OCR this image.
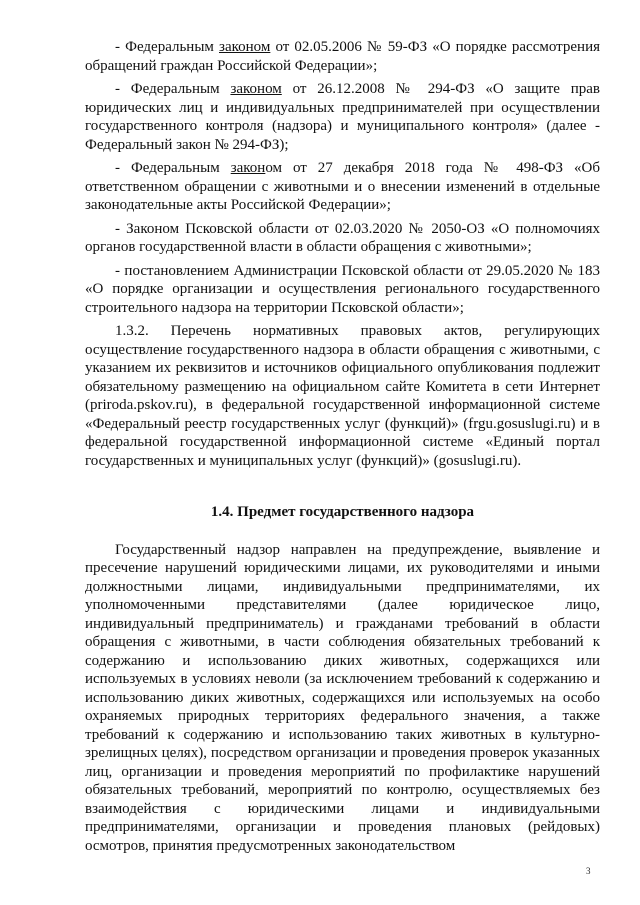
- Федеральным законом от 02.05.2006 № 59-ФЗ «О порядке рассмотрения обращений граждан Российской Федерации»;

- Федеральным законом от 26.12.2008 № 294-ФЗ «О защите прав юридических лиц и индивидуальных предпринимателей при осуществлении государственного контроля (надзора) и муниципального контроля» (далее - Федеральный закон № 294-ФЗ);

- Федеральным законом от 27 декабря 2018 года № 498-ФЗ «Об ответственном обращении с животными и о внесении изменений в отдельные законодательные акты Российской Федерации»;

- Законом Псковской области от 02.03.2020 № 2050-ОЗ «О полномочиях органов государственной власти в области обращения с животными»;

- постановлением Администрации Псковской области от 29.05.2020 № 183 «О порядке организации и осуществления регионального государственного строительного надзора на территории Псковской области»;

1.3.2. Перечень нормативных правовых актов, регулирующих осуществление государственного надзора в области обращения с животными, с указанием их реквизитов и источников официального опубликования подлежит обязательному размещению на официальном сайте Комитета в сети Интернет (priroda.pskov.ru), в федеральной государственной информационной системе «Федеральный реестр государственных услуг (функций)» (frgu.gosuslugi.ru) и в федеральной государственной информационной системе «Единый портал государственных и муниципальных услуг (функций)» (gosuslugi.ru).

1.4. Предмет государственного надзора

Государственный надзор направлен на предупреждение, выявление и пресечение нарушений юридическими лицами, их руководителями и иными должностными лицами, индивидуальными предпринимателями, их уполномоченными представителями (далее юридическое лицо, индивидуальный предприниматель) и гражданами требований в области обращения с животными, в части соблюдения обязательных требований к содержанию и использованию диких животных, содержащихся или используемых в условиях неволи (за исключением требований к содержанию и использованию диких животных, содержащихся или используемых на особо охраняемых природных территориях федерального значения, а также требований к содержанию и использованию таких животных в культурно-зрелищных целях), посредством организации и проведения проверок указанных лиц, организации и проведения мероприятий по профилактике нарушений обязательных требований, мероприятий по контролю, осуществляемых без взаимодействия с юридическими лицами и индивидуальными предпринимателями, организации и проведения плановых (рейдовых) осмотров, принятия предусмотренных законодательством

3
